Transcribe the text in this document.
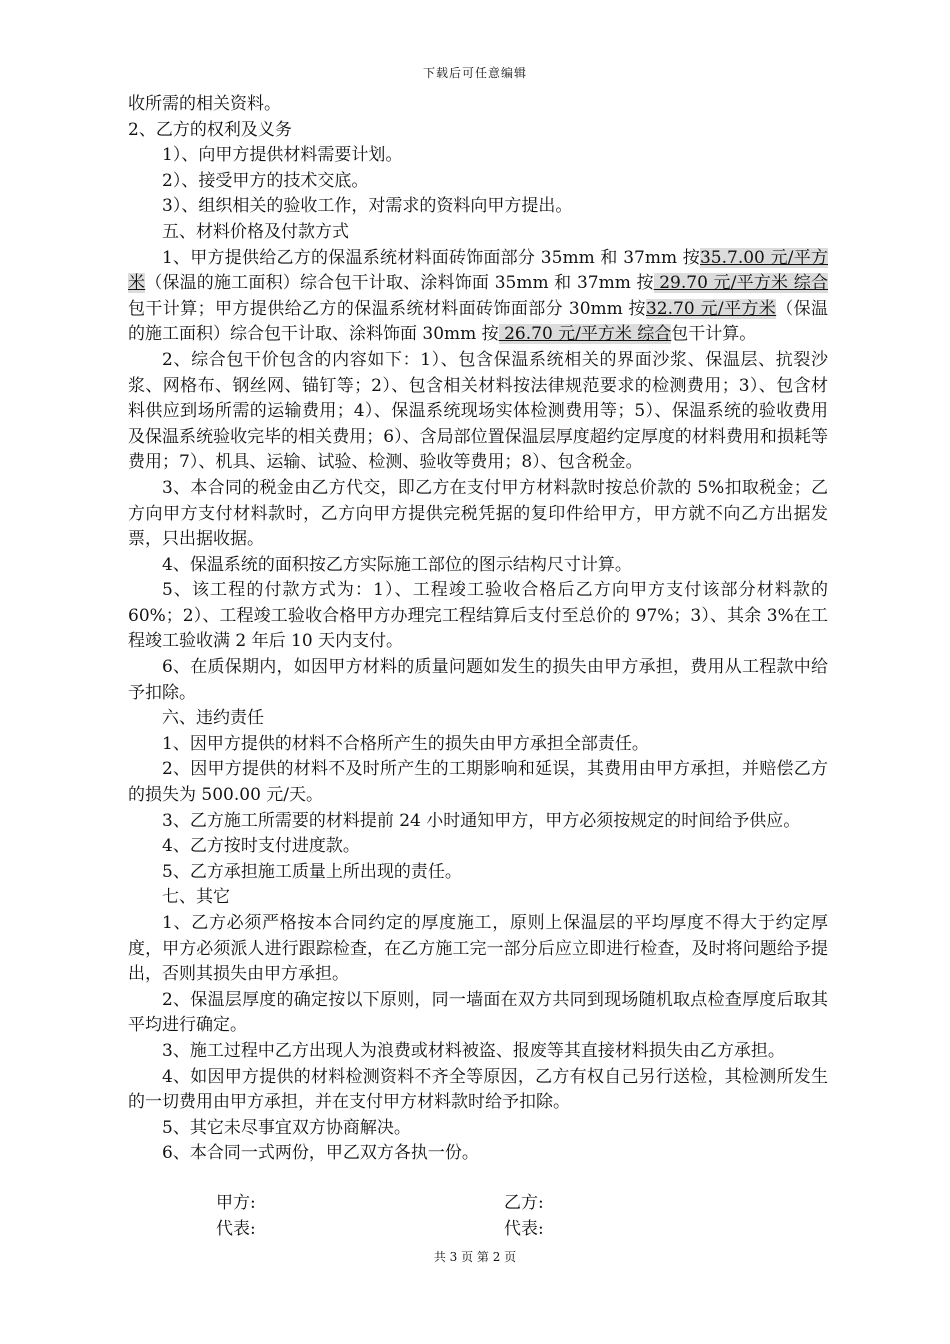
下载后可任意编辑

收所需的相关资料。

2、乙方的权利及义务

1）、向甲方提供材料需要计划。

2）、接受甲方的技术交底。

3）、组织相关的验收工作，对需求的资料向甲方提出。

五、材料价格及付款方式

1、甲方提供给乙方的保温系统材料面砖饰面部分 35mm 和 37mm 按35.7.00 元/平方米（保温的施工面积）综合包干计取、涂料饰面 35mm 和 37mm 按 29.70 元/平方米 综合包干计算；甲方提供给乙方的保温系统材料面砖饰面部分 30mm 按32.70 元/平方米（保温的施工面积）综合包干计取、涂料饰面 30mm 按 26.70 元/平方米 综合包干计算。

2、综合包干价包含的内容如下：1）、包含保温系统相关的界面沙浆、保温层、抗裂沙浆、网格布、钢丝网、锚钉等；2）、包含相关材料按法律规范要求的检测费用；3）、包含材料供应到场所需的运输费用；4）、保温系统现场实体检测费用等；5）、保温系统的验收费用及保温系统验收完毕的相关费用；6）、含局部位置保温层厚度超约定厚度的材料费用和损耗等费用；7）、机具、运输、试验、检测、验收等费用；8）、包含税金。

3、本合同的税金由乙方代交，即乙方在支付甲方材料款时按总价款的 5%扣取税金；乙方向甲方支付材料款时，乙方向甲方提供完税凭据的复印件给甲方，甲方就不向乙方出据发票，只出据收据。

4、保温系统的面积按乙方实际施工部位的图示结构尺寸计算。

5、该工程的付款方式为：1）、工程竣工验收合格后乙方向甲方支付该部分材料款的 60%；2）、工程竣工验收合格甲方办理完工程结算后支付至总价的 97%；3）、其余 3%在工程竣工验收满 2 年后 10 天内支付。

6、在质保期内，如因甲方材料的质量问题如发生的损失由甲方承担，费用从工程款中给予扣除。

六、违约责任

1、因甲方提供的材料不合格所产生的损失由甲方承担全部责任。

2、因甲方提供的材料不及时所产生的工期影响和延误，其费用由甲方承担，并赔偿乙方的损失为 500.00 元/天。

3、乙方施工所需要的材料提前 24 小时通知甲方，甲方必须按规定的时间给予供应。

4、乙方按时支付进度款。

5、乙方承担施工质量上所出现的责任。

七、其它

1、乙方必须严格按本合同约定的厚度施工，原则上保温层的平均厚度不得大于约定厚度，甲方必须派人进行跟踪检查，在乙方施工完一部分后应立即进行检查，及时将问题给予提出，否则其损失由甲方承担。

2、保温层厚度的确定按以下原则，同一墙面在双方共同到现场随机取点检查厚度后取其平均进行确定。

3、施工过程中乙方出现人为浪费或材料被盗、报废等其直接材料损失由乙方承担。

4、如因甲方提供的材料检测资料不齐全等原因，乙方有权自己另行送检，其检测所发生的一切费用由甲方承担，并在支付甲方材料款时给予扣除。

5、其它未尽事宜双方协商解决。

6、本合同一式两份，甲乙双方各执一份。

甲方:	乙方:
代表:	代表:
共 3 页 第 2 页
